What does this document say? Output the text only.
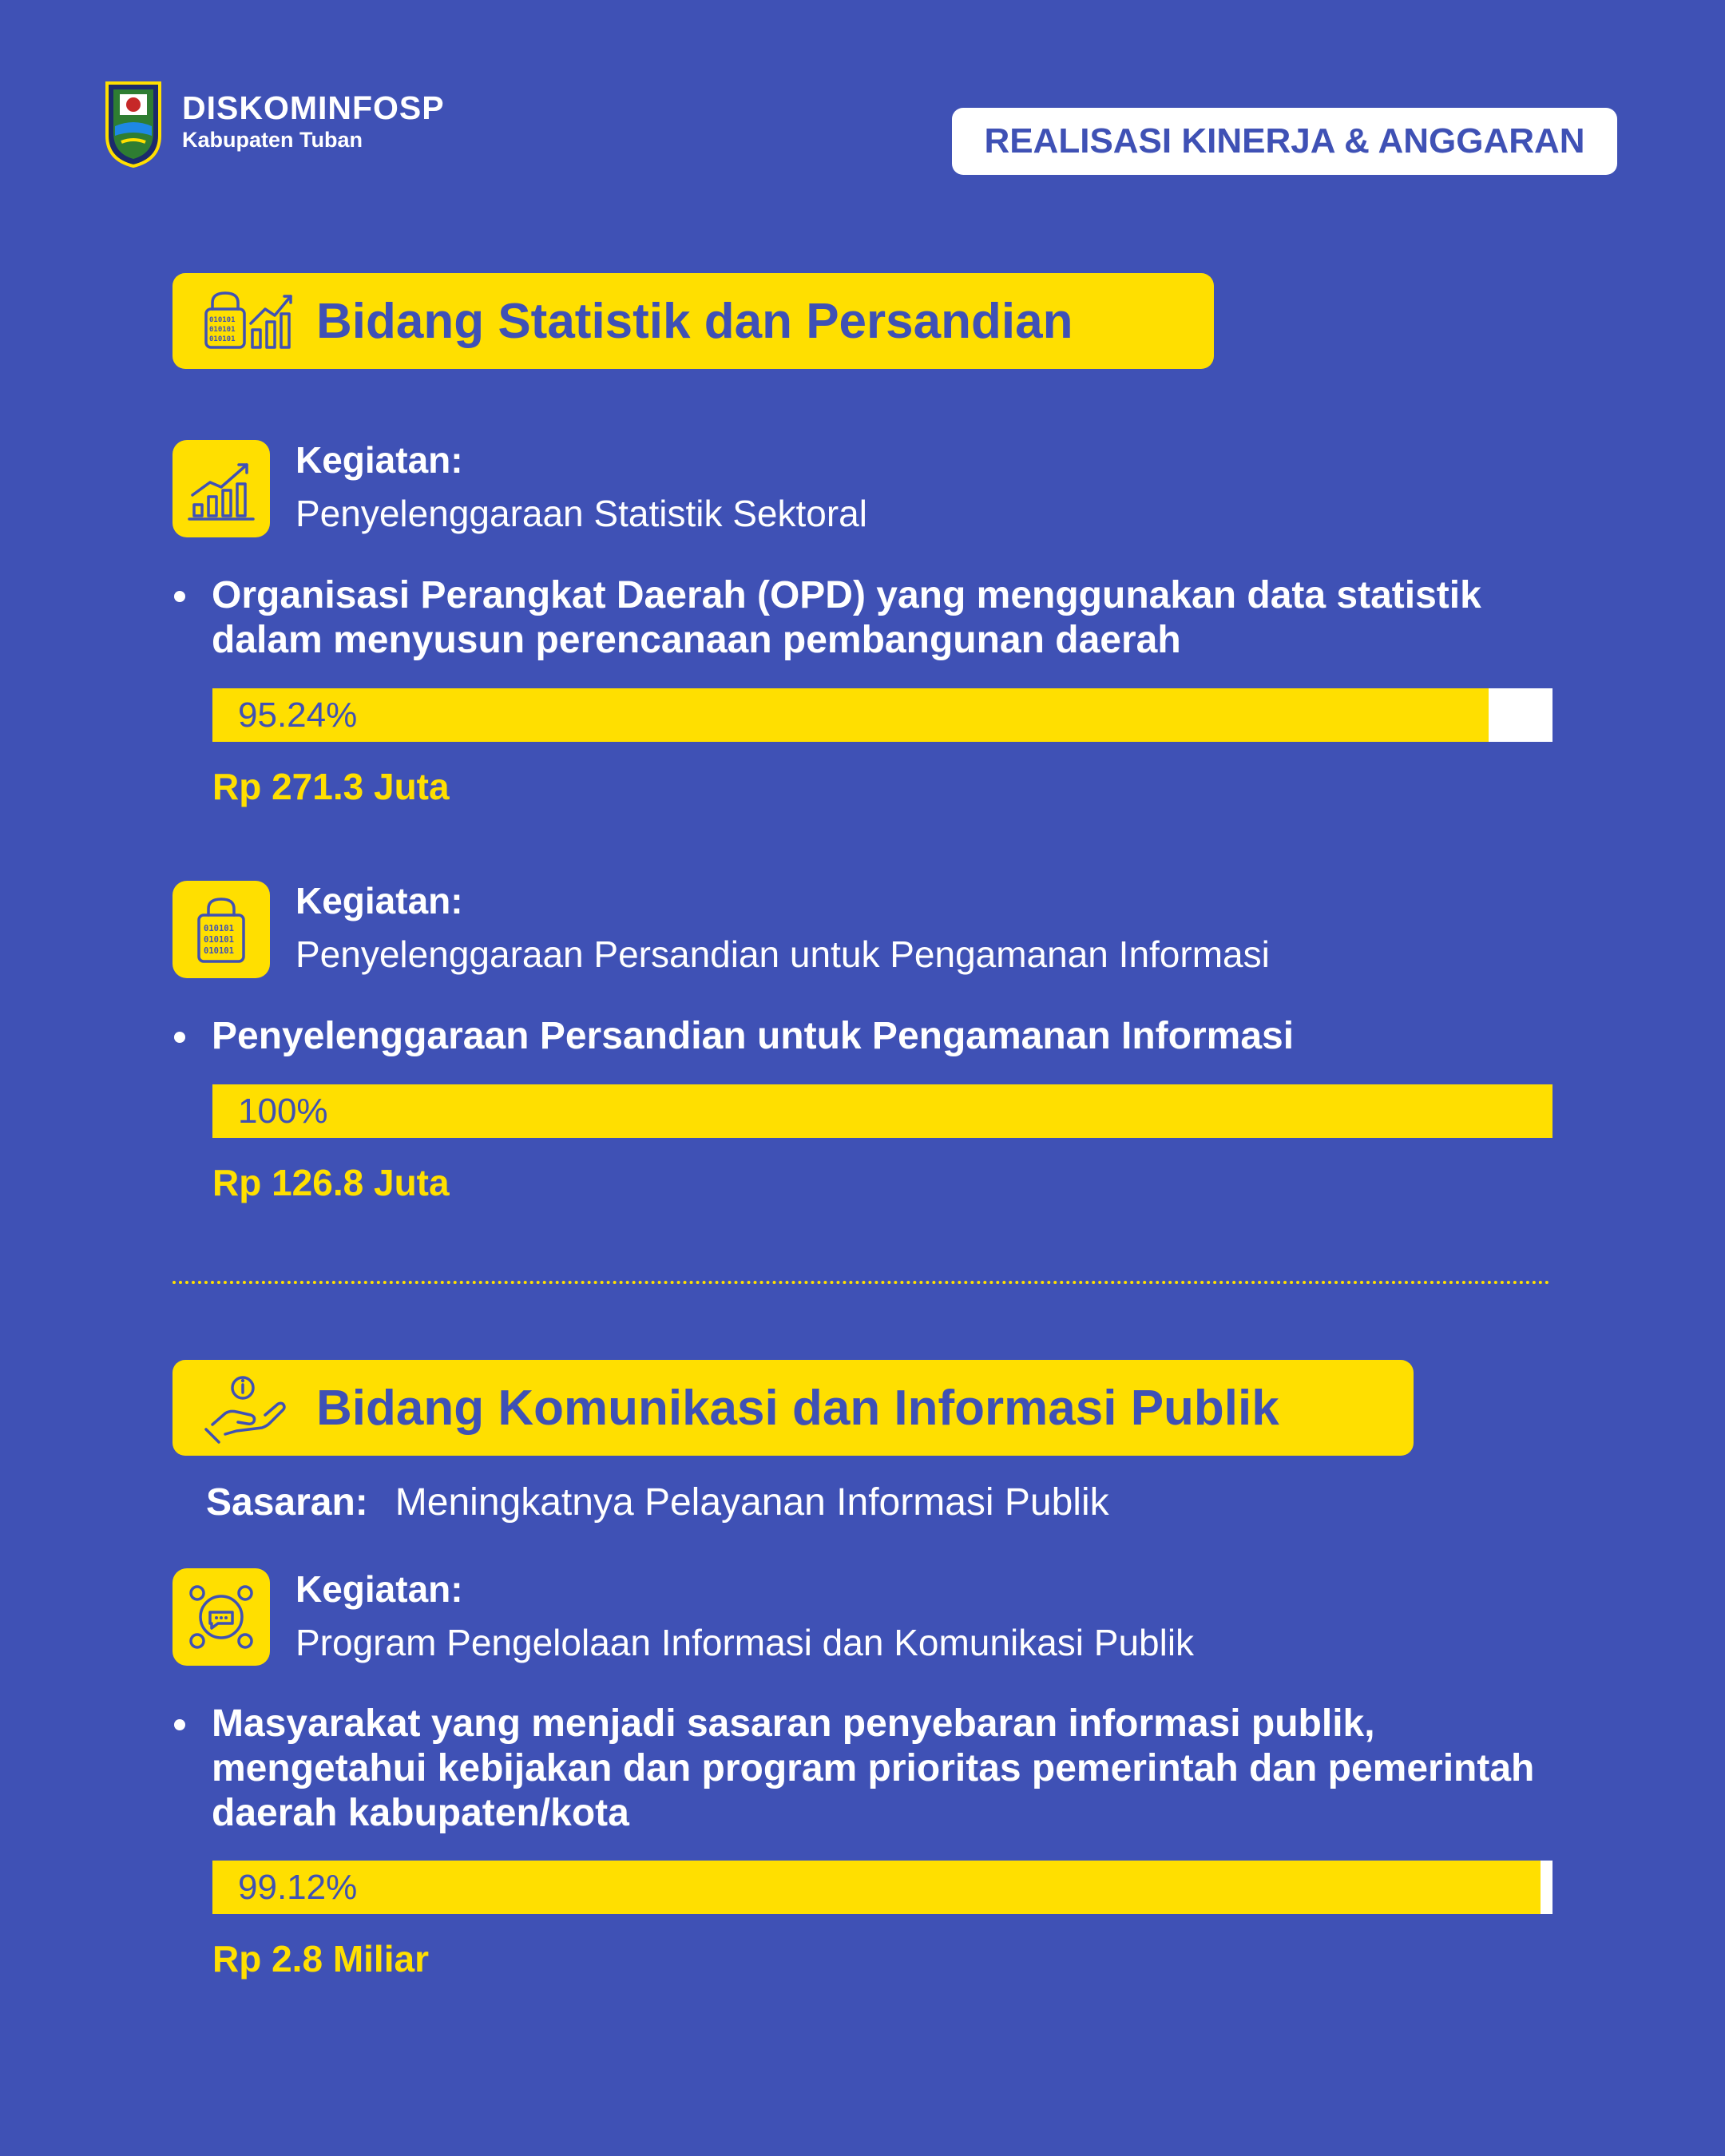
DISKOMINFOSP
Kabupaten Tuban	REALISASI KINERJA & ANGGARAN
010101
010101
010101 Bidang Statistik dan Persandian
Kegiatan:
Penyelenggaraan Statistik Sektoral
Organisasi Perangkat Daerah (OPD) yang menggunakan data statistik dalam menyusun perencanaan pembangunan daerah
95.24%
Rp 271.3 Juta
010101
010101
010101
Kegiatan:
Penyelenggaraan Persandian untuk Pengamanan Informasi
Penyelenggaraan Persandian untuk Pengamanan Informasi
100%
Rp 126.8 Juta
Bidang Komunikasi dan Informasi Publik
Sasaran: Meningkatnya Pelayanan Informasi Publik
Kegiatan:
Program Pengelolaan Informasi dan Komunikasi Publik
Masyarakat yang menjadi sasaran penyebaran informasi publik, mengetahui kebijakan dan program prioritas pemerintah dan pemerintah daerah kabupaten/kota
99.12%
Rp 2.8 Miliar
